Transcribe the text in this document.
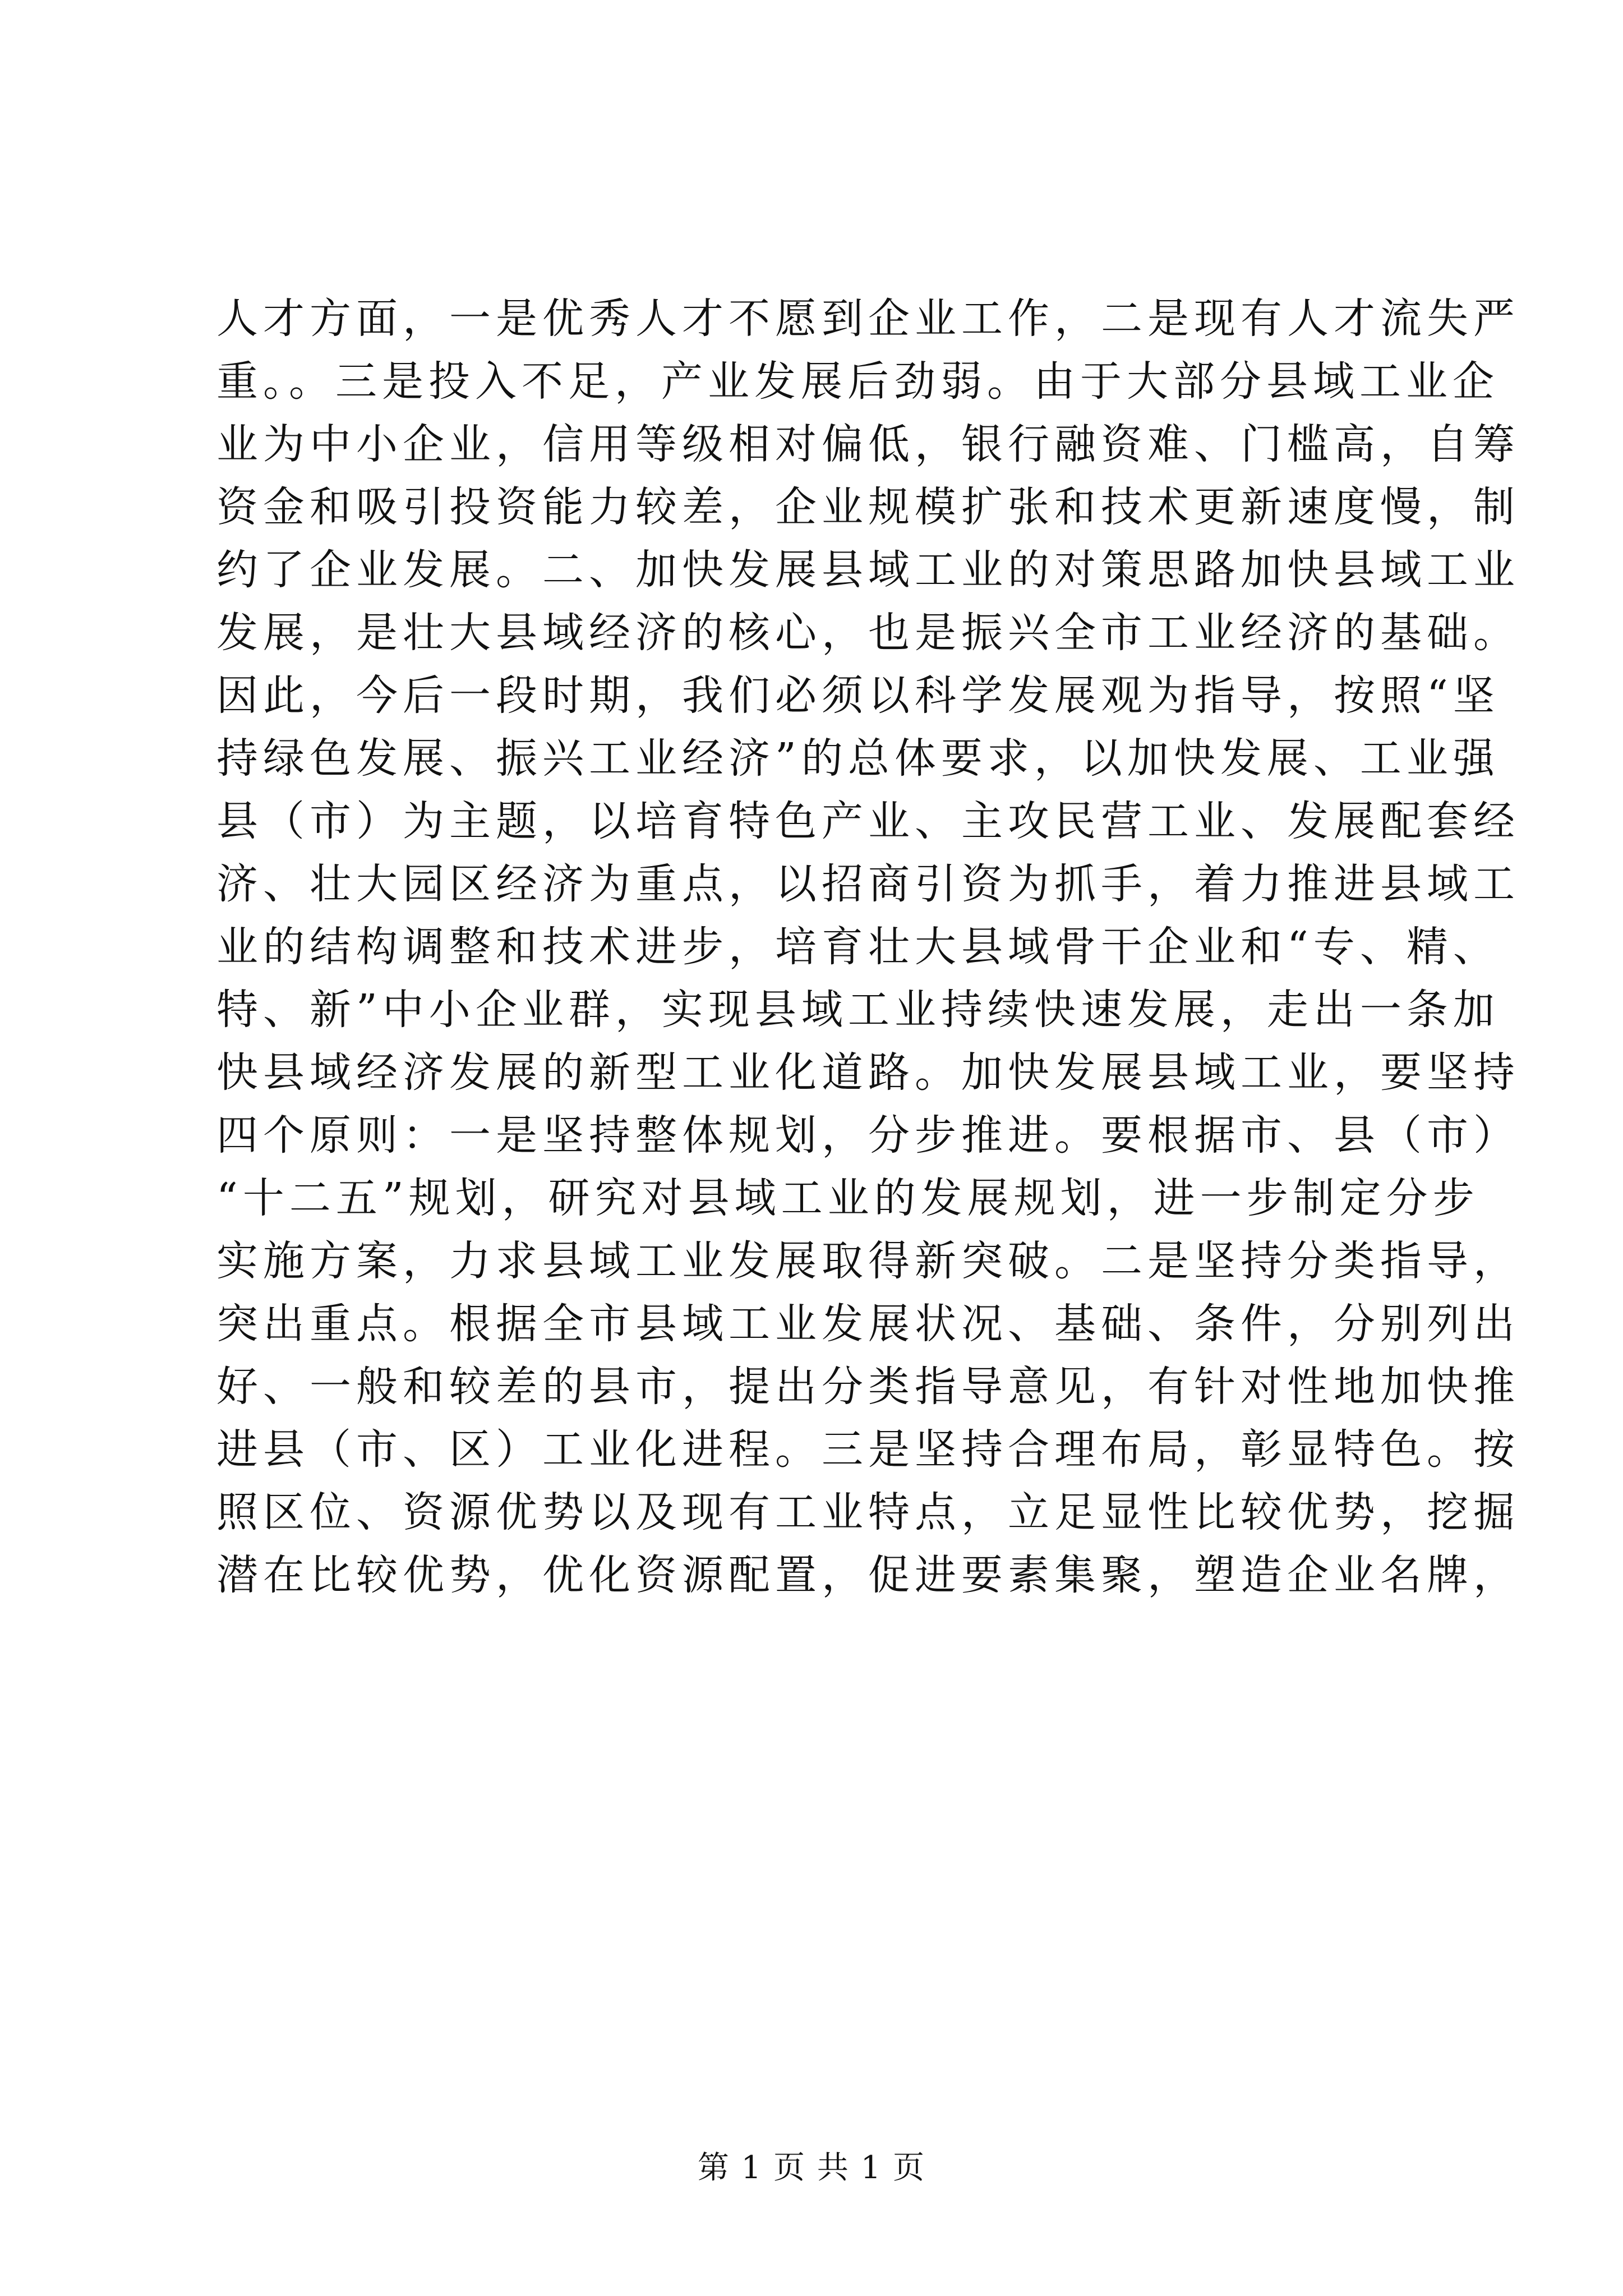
人才方面，一是优秀人才不愿到企业工作，二是现有人才流失严
重。。三是投入不足，产业发展后劲弱。由于大部分县域工业企
业为中小企业，信用等级相对偏低，银行融资难、门槛高，自筹
资金和吸引投资能力较差，企业规模扩张和技术更新速度慢，制
约了企业发展。二、加快发展县域工业的对策思路加快县域工业
发展，是壮大县域经济的核心，也是振兴全市工业经济的基础。
因此，今后一段时期，我们必须以科学发展观为指导，按照“坚
持绿色发展、振兴工业经济”的总体要求，以加快发展、工业强
县（市）为主题，以培育特色产业、主攻民营工业、发展配套经
济、壮大园区经济为重点，以招商引资为抓手，着力推进县域工
业的结构调整和技术进步，培育壮大县域骨干企业和“专、精、
特、新”中小企业群，实现县域工业持续快速发展，走出一条加
快县域经济发展的新型工业化道路。加快发展县域工业，要坚持
四个原则：一是坚持整体规划，分步推进。要根据市、县（市）
“十二五”规划，研究对县域工业的发展规划，进一步制定分步
实施方案，力求县域工业发展取得新突破。二是坚持分类指导，
突出重点。根据全市县域工业发展状况、基础、条件，分别列出
好、一般和较差的县市，提出分类指导意见，有针对性地加快推
进县（市、区）工业化进程。三是坚持合理布局，彰显特色。按
照区位、资源优势以及现有工业特点，立足显性比较优势，挖掘
潜在比较优势，优化资源配置，促进要素集聚，塑造企业名牌，
第 1 页 共 1 页
